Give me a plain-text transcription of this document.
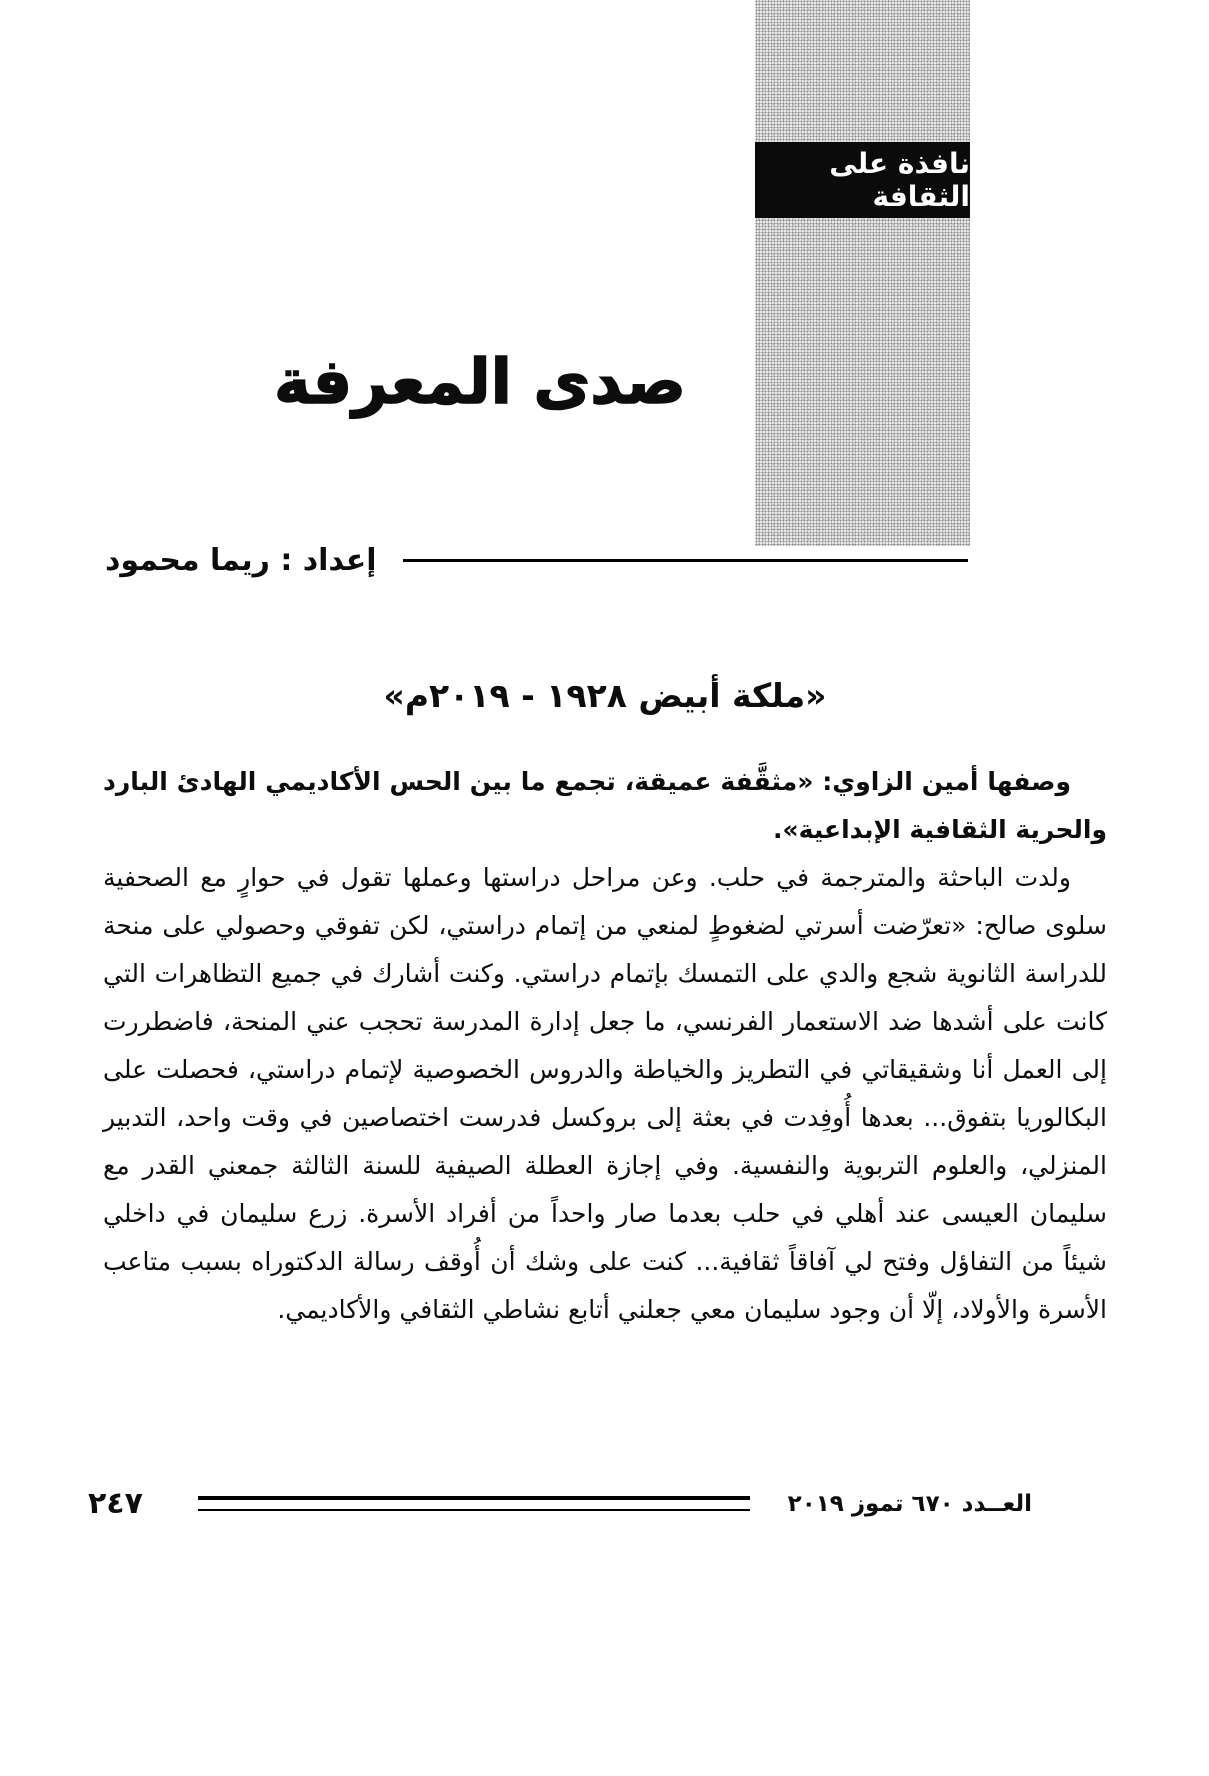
نافذة على الثقافة
صدى المعرفة
إعداد : ريما محمود
«ملكة أبيض ١٩٢٨ - ٢٠١٩م»

وصفها أمين الزاوي: «مثقَّفة عميقة، تجمع ما بين الحس الأكاديمي الهادئ البارد والحرية الثقافية الإبداعية».

ولدت الباحثة والمترجمة في حلب. وعن مراحل دراستها وعملها تقول في حوارٍ مع الصحفية سلوى صالح: «تعرّضت أسرتي لضغوطٍ لمنعي من إتمام دراستي، لكن تفوقي وحصولي على منحة للدراسة الثانوية شجع والدي على التمسك بإتمام دراستي. وكنت أشارك في جميع التظاهرات التي كانت على أشدها ضد الاستعمار الفرنسي، ما جعل إدارة المدرسة تحجب عني المنحة، فاضطررت إلى العمل أنا وشقيقاتي في التطريز والخياطة والدروس الخصوصية لإتمام دراستي، فحصلت على البكالوريا بتفوق... بعدها أُوفِدت في بعثة إلى بروكسل فدرست اختصاصين في وقت واحد، التدبير المنزلي، والعلوم التربوية والنفسية. وفي إجازة العطلة الصيفية للسنة الثالثة جمعني القدر مع سليمان العيسى عند أهلي في حلب بعدما صار واحداً من أفراد الأسرة. زرع سليمان في داخلي شيئاً من التفاؤل وفتح لي آفاقاً ثقافية... كنت على وشك أن أُوقف رسالة الدكتوراه بسبب متاعب الأسرة والأولاد، إلّا أن وجود سليمان معي جعلني أتابع نشاطي الثقافي والأكاديمي.

٢٤٧	العــدد ٦٧٠ تموز ٢٠١٩
